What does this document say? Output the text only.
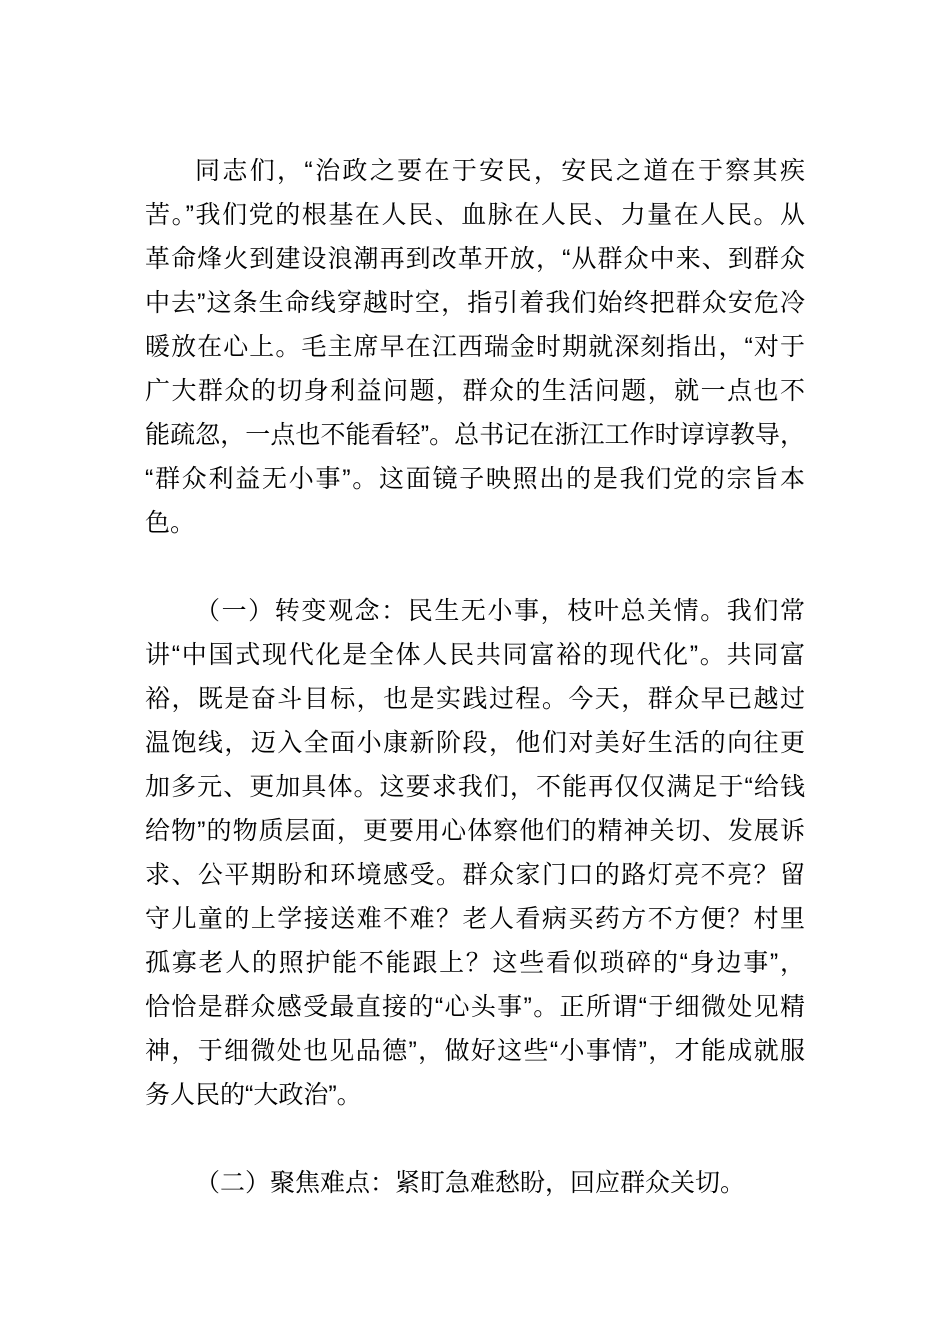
同志们，“治政之要在于安民，安民之道在于察其疾
苦。”我们党的根基在人民、血脉在人民、力量在人民。从
革命烽火到建设浪潮再到改革开放，“从群众中来、到群众
中去”这条生命线穿越时空，指引着我们始终把群众安危冷
暖放在心上。毛主席早在江西瑞金时期就深刻指出，“对于
广大群众的切身利益问题，群众的生活问题，就一点也不
能疏忽，一点也不能看轻”。总书记在浙江工作时谆谆教导，
“群众利益无小事”。这面镜子映照出的是我们党的宗旨本
色。

（一）转变观念：民生无小事，枝叶总关情。我们常
讲“中国式现代化是全体人民共同富裕的现代化”。共同富
裕，既是奋斗目标，也是实践过程。今天，群众早已越过
温饱线，迈入全面小康新阶段，他们对美好生活的向往更
加多元、更加具体。这要求我们，不能再仅仅满足于“给钱
给物”的物质层面，更要用心体察他们的精神关切、发展诉
求、公平期盼和环境感受。群众家门口的路灯亮不亮？留
守儿童的上学接送难不难？老人看病买药方不方便？村里
孤寡老人的照护能不能跟上？这些看似琐碎的“身边事”，
恰恰是群众感受最直接的“心头事”。正所谓“于细微处见精
神，于细微处也见品德”，做好这些“小事情”，才能成就服
务人民的“大政治”。

（二）聚焦难点：紧盯急难愁盼，回应群众关切。
